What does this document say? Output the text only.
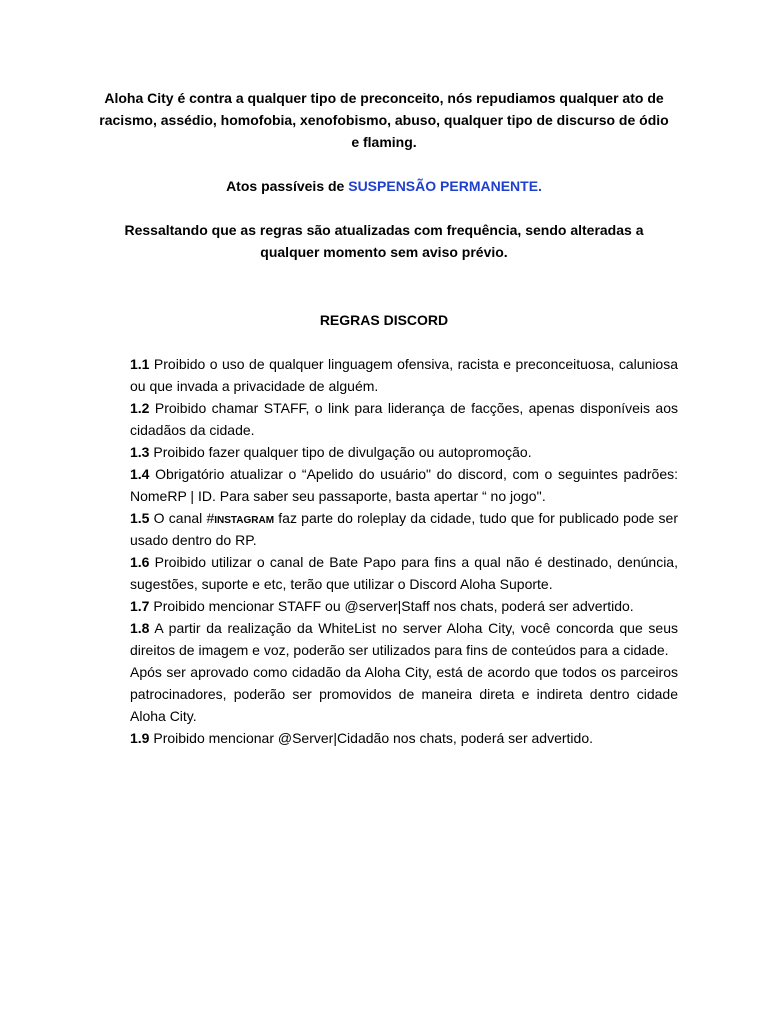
Aloha City é contra a qualquer tipo de preconceito, nós repudiamos qualquer ato de racismo, assédio, homofobia, xenofobismo, abuso, qualquer tipo de discurso de ódio e flaming.
Atos passíveis de SUSPENSÃO PERMANENTE.
Ressaltando que as regras são atualizadas com frequência, sendo alteradas a qualquer momento sem aviso prévio.
REGRAS DISCORD

1.1 Proibido o uso de qualquer linguagem ofensiva, racista e preconceituosa, caluniosa ou que invada a privacidade de alguém.

1.2 Proibido chamar STAFF, o link para liderança de facções, apenas disponíveis aos cidadãos da cidade.

1.3 Proibido fazer qualquer tipo de divulgação ou autopromoção.

1.4 Obrigatório atualizar o “Apelido do usuário" do discord, com o seguintes padrões: NomeRP | ID. Para saber seu passaporte, basta apertar “ no jogo''.

1.5 O canal #instagram faz parte do roleplay da cidade, tudo que for publicado pode ser usado dentro do RP.

1.6 Proibido utilizar o canal de Bate Papo para fins a qual não é destinado, denúncia, sugestões, suporte e etc, terão que utilizar o Discord Aloha Suporte.

1.7 Proibido mencionar STAFF ou @server|Staff nos chats, poderá ser advertido.

1.8 A partir da realização da WhiteList no server Aloha City, você concorda que seus direitos de imagem e voz, poderão ser utilizados para fins de conteúdos para a cidade.

Após ser aprovado como cidadão da Aloha City, está de acordo que todos os parceiros patrocinadores, poderão ser promovidos de maneira direta e indireta dentro cidade Aloha City.

1.9 Proibido mencionar @Server|Cidadão nos chats, poderá ser advertido.
